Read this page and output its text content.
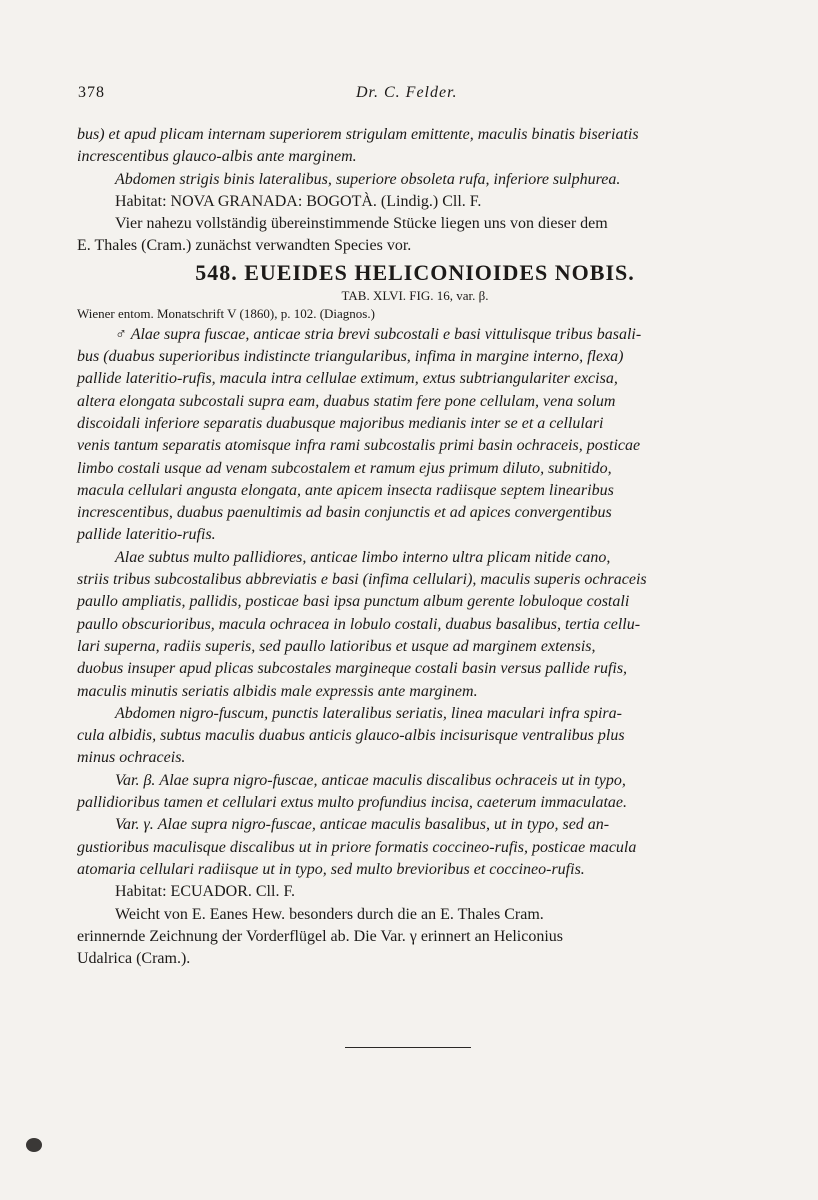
378	Dr. C. Felder.
bus) et apud plicam internam superiorem strigulam emittente, maculis binatis biseriatis
increscentibus glauco-albis ante marginem.
Abdomen strigis binis lateralibus, superiore obsoleta rufa, inferiore sulphurea.
Habitat: NOVA GRANADA: BOGOTÀ. (Lindig.) Cll. F.
Vier nahezu vollständig übereinstimmende Stücke liegen uns von dieser dem
E. Thales (Cram.) zunächst verwandten Species vor.
548. EUEIDES HELICONIOIDES NOBIS.
TAB. XLVI. FIG. 16, var. β.
Wiener entom. Monatschrift V (1860), p. 102. (Diagnos.)
♂ Alae supra fuscae, anticae stria brevi subcostali e basi vittulisque tribus basali-
bus (duabus superioribus indistincte triangularibus, infima in margine interno, flexa)
pallide lateritio-rufis, macula intra cellulae extimum, extus subtriangulariter excisa,
altera elongata subcostali supra eam, duabus statim fere pone cellulam, vena solum
discoidali inferiore separatis duabusque majoribus medianis inter se et a cellulari
venis tantum separatis atomisque infra rami subcostalis primi basin ochraceis, posticae
limbo costali usque ad venam subcostalem et ramum ejus primum diluto, subnitido,
macula cellulari angusta elongata, ante apicem insecta radiisque septem linearibus
increscentibus, duabus paenultimis ad basin conjunctis et ad apices convergentibus
pallide lateritio-rufis.
Alae subtus multo pallidiores, anticae limbo interno ultra plicam nitide cano,
striis tribus subcostalibus abbreviatis e basi (infima cellulari), maculis superis ochraceis
paullo ampliatis, pallidis, posticae basi ipsa punctum album gerente lobuloque costali
paullo obscurioribus, macula ochracea in lobulo costali, duabus basalibus, tertia cellu-
lari superna, radiis superis, sed paullo latioribus et usque ad marginem extensis,
duobus insuper apud plicas subcostales margineque costali basin versus pallide rufis,
maculis minutis seriatis albidis male expressis ante marginem.
Abdomen nigro-fuscum, punctis lateralibus seriatis, linea maculari infra spira-
cula albidis, subtus maculis duabus anticis glauco-albis incisurisque ventralibus plus
minus ochraceis.
Var. β. Alae supra nigro-fuscae, anticae maculis discalibus ochraceis ut in typo,
pallidioribus tamen et cellulari extus multo profundius incisa, caeterum immaculatae.
Var. γ. Alae supra nigro-fuscae, anticae maculis basalibus, ut in typo, sed an-
gustioribus maculisque discalibus ut in priore formatis coccineo-rufis, posticae macula
atomaria cellulari radiisque ut in typo, sed multo brevioribus et coccineo-rufis.
Habitat: ECUADOR. Cll. F.
Weicht von E. Eanes Hew. besonders durch die an E. Thales Cram.
erinnernde Zeichnung der Vorderflügel ab. Die Var. γ erinnert an Heliconius
Udalrica (Cram.).
